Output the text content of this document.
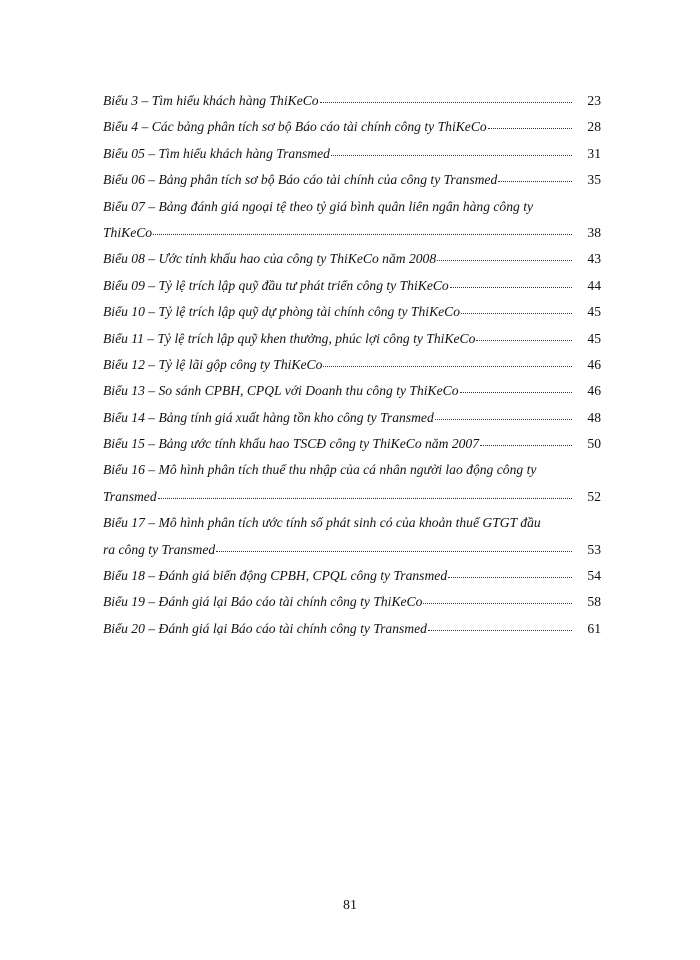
Biểu 3 – Tìm hiểu khách hàng ThiKeCo	23
Biểu 4 – Các bảng phân tích sơ bộ Báo cáo tài chính công ty ThiKeCo	28
Biểu 05 – Tìm hiểu khách hàng Transmed	31
Biểu 06 – Bảng phân tích sơ bộ Báo cáo tài chính của công ty Transmed	35
Biểu 07 – Bảng đánh giá ngoại tệ theo tỷ giá bình quân liên ngân hàng công ty
ThiKeCo	38
Biểu 08 – Ước tính khấu hao của công ty ThiKeCo năm 2008	43
Biểu 09 – Tỷ lệ trích lập quỹ đầu tư phát triển công ty ThiKeCo	44
Biểu 10 – Tỷ lệ trích lập quỹ dự phòng tài chính công ty ThiKeCo	45
Biểu 11 – Tỷ lệ trích lập quỹ khen thưởng, phúc lợi công ty ThiKeCo	45
Biểu 12 – Tỷ lệ lãi gộp công ty ThiKeCo	46
Biểu 13 – So sánh CPBH, CPQL với Doanh thu công ty ThiKeCo	46
Biểu 14 – Bảng tính giá xuất hàng tồn kho công ty Transmed	48
Biểu 15 – Bảng ước tính khấu hao TSCĐ công ty ThiKeCo năm 2007	50
Biểu 16 – Mô hình phân tích thuế thu nhập của cá nhân người lao động công ty
Transmed	52
Biểu 17 – Mô hình phân tích ước tính số phát sinh có của khoản thuế GTGT đầu
ra công ty Transmed	53
Biểu 18 – Đánh giá biến động CPBH, CPQL công ty Transmed	54
Biểu 19 – Đánh giá lại Báo cáo tài chính công ty ThiKeCo	58
Biểu 20 – Đánh giá lại Báo cáo tài chính công ty Transmed	61
81
